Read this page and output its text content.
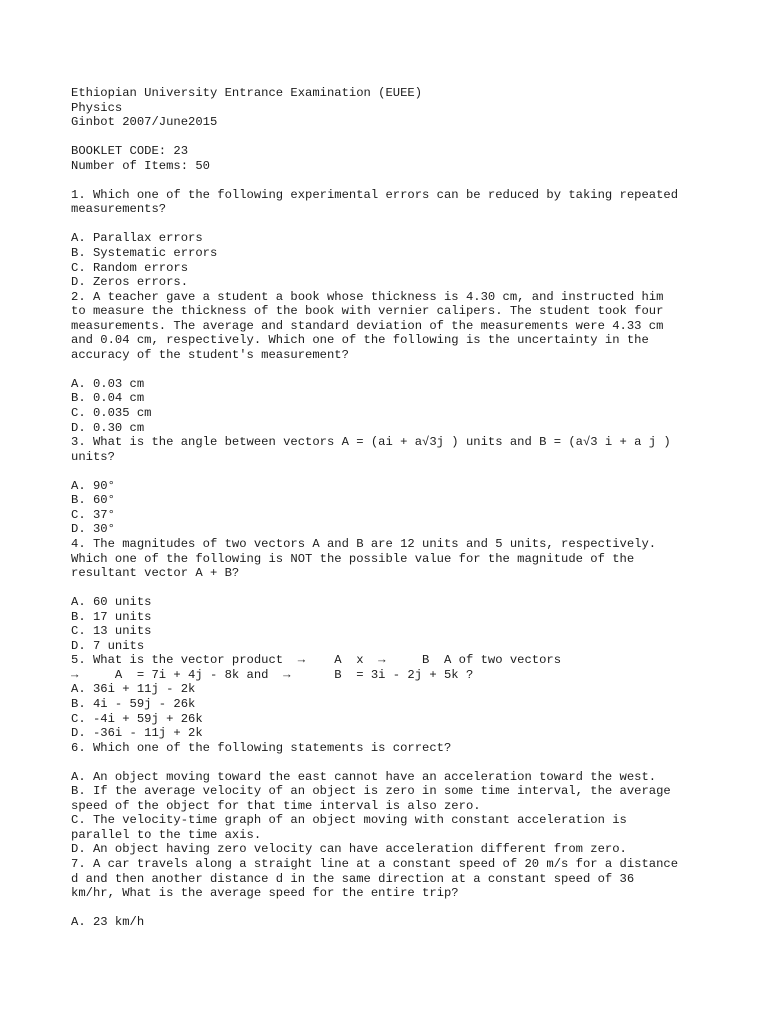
Ethiopian University Entrance Examination (EUEE)
Physics
Ginbot 2007/June2015
BOOKLET CODE: 23
Number of Items: 50
1. Which one of the following experimental errors can be reduced by taking repeated
measurements?
A. Parallax errors
B. Systematic errors
C. Random errors
D. Zeros errors.
2. A teacher gave a student a book whose thickness is 4.30 cm, and instructed him
to measure the thickness of the book with vernier calipers. The student took four
measurements. The average and standard deviation of the measurements were 4.33 cm
and 0.04 cm, respectively. Which one of the following is the uncertainty in the
accuracy of the student's measurement?
A. 0.03 cm
B. 0.04 cm
C. 0.035 cm
D. 0.30 cm
3. What is the angle between vectors A = (ai + a√3j ) units and B = (a√3 i + a j )
units?
A. 90°
B. 60°
C. 37°
D. 30°
4. The magnitudes of two vectors A and B are 12 units and 5 units, respectively.
Which one of the following is NOT the possible value for the magnitude of the
resultant vector A + B?
A. 60 units
B. 17 units
C. 13 units
D. 7 units
5. What is the vector product  →    A  x  →     B  A of two vectors
→     A  = 7i + 4j - 8k and  →      B  = 3i - 2j + 5k ?
A. 36i + 11j - 2k
B. 4i - 59j - 26k
C. -4i + 59j + 26k
D. -36i - 11j + 2k
6. Which one of the following statements is correct?
A. An object moving toward the east cannot have an acceleration toward the west.
B. If the average velocity of an object is zero in some time interval, the average
speed of the object for that time interval is also zero.
C. The velocity-time graph of an object moving with constant acceleration is
parallel to the time axis.
D. An object having zero velocity can have acceleration different from zero.
7. A car travels along a straight line at a constant speed of 20 m/s for a distance
d and then another distance d in the same direction at a constant speed of 36
km/hr, What is the average speed for the entire trip?
A. 23 km/h
